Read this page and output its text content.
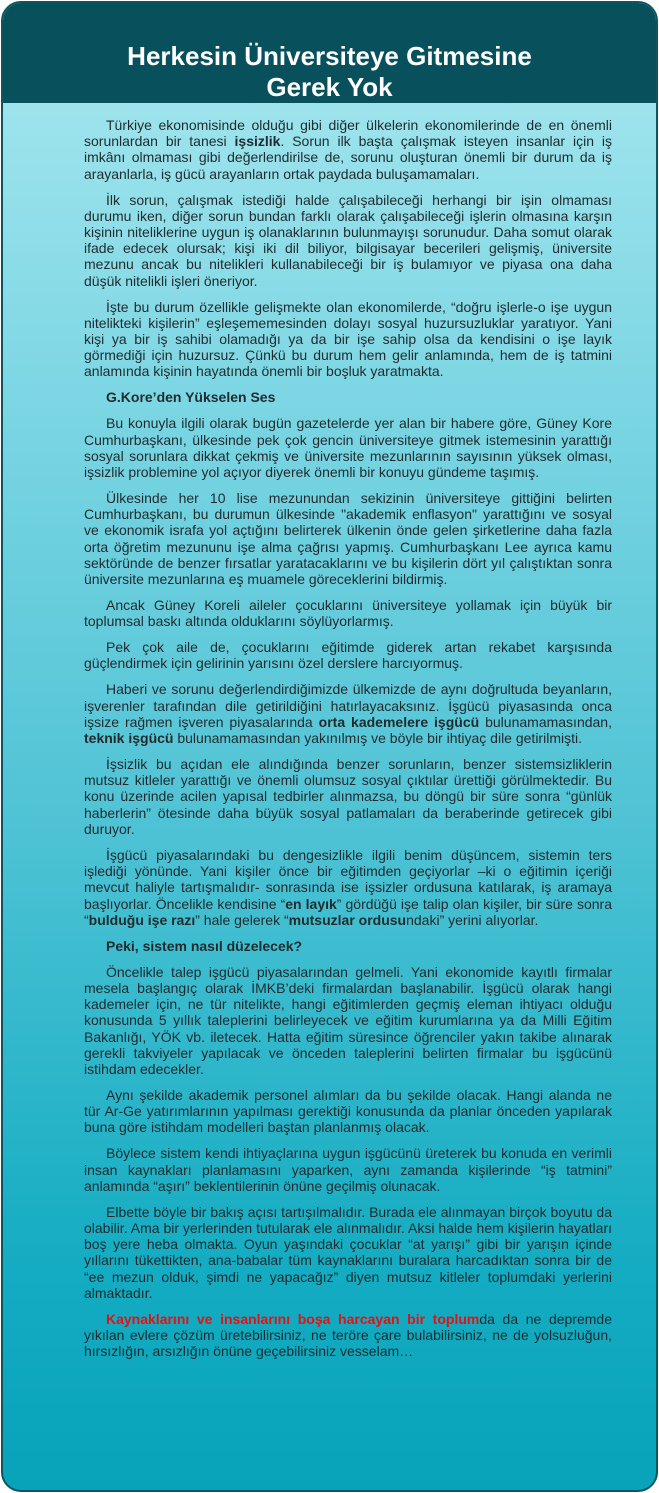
Herkesin Üniversiteye Gitmesine
Gerek Yok

Türkiye ekonomisinde olduğu gibi diğer ülkelerin ekonomilerinde de en önemli sorunlardan bir tanesi işsizlik. Sorun ilk başta çalışmak isteyen insanlar için iş imkânı olmaması gibi değerlendirilse de, sorunu oluşturan önemli bir durum da iş arayanlarla, iş gücü arayanların ortak paydada buluşamamaları.

İlk sorun, çalışmak istediği halde çalışabileceği herhangi bir işin olmaması durumu iken, diğer sorun bundan farklı olarak çalışabileceği işlerin olmasına karşın kişinin niteliklerine uygun iş olanaklarının bulunmayışı sorunudur. Daha somut olarak ifade edecek olursak; kişi iki dil biliyor, bilgisayar becerileri gelişmiş, üniversite mezunu ancak bu nitelikleri kullanabileceği bir iş bulamıyor ve piyasa ona daha düşük nitelikli işleri öneriyor.

İşte bu durum özellikle gelişmekte olan ekonomilerde, “doğru işlerle-o işe uygun nitelikteki kişilerin” eşleşememesinden dolayı sosyal huzursuzluklar yaratıyor. Yani kişi ya bir iş sahibi olamadığı ya da bir işe sahip olsa da kendisini o işe layık görmediği için huzursuz. Çünkü bu durum hem gelir anlamında, hem de iş tatmini anlamında kişinin hayatında önemli bir boşluk yaratmakta.

G.Kore’den Yükselen Ses

Bu konuyla ilgili olarak bugün gazetelerde yer alan bir habere göre, Güney Kore Cumhurbaşkanı, ülkesinde pek çok gencin üniversiteye gitmek istemesinin yarattığı sosyal sorunlara dikkat çekmiş ve üniversite mezunlarının sayısının yüksek olması, işsizlik problemine yol açıyor diyerek önemli bir konuyu gündeme taşımış.

Ülkesinde her 10 lise mezunundan sekizinin üniversiteye gittiğini belirten Cumhurbaşkanı, bu durumun ülkesinde "akademik enflasyon" yarattığını ve sosyal ve ekonomik israfa yol açtığını belirterek ülkenin önde gelen şirketlerine daha fazla orta öğretim mezununu işe alma çağrısı yapmış. Cumhurbaşkanı Lee ayrıca kamu sektöründe de benzer fırsatlar yaratacaklarını ve bu kişilerin dört yıl çalıştıktan sonra üniversite mezunlarına eş muamele göreceklerini bildirmiş.

Ancak Güney Koreli aileler çocuklarını üniversiteye yollamak için büyük bir toplumsal baskı altında olduklarını söylüyorlarmış.

Pek çok aile de, çocuklarını eğitimde giderek artan rekabet karşısında güçlendirmek için gelirinin yarısını özel derslere harcıyormuş.

Haberi ve sorunu değerlendirdiğimizde ülkemizde de aynı doğrultuda beyanların, işverenler tarafından dile getirildiğini hatırlayacaksınız. İşgücü piyasasında onca işsize rağmen işveren piyasalarında orta kademelere işgücü bulunamamasından, teknik işgücü bulunamamasından yakınılmış ve böyle bir ihtiyaç dile getirilmişti.

İşsizlik bu açıdan ele alındığında benzer sorunların, benzer sistemsizliklerin mutsuz kitleler yarattığı ve önemli olumsuz sosyal çıktılar ürettiği görülmektedir. Bu konu üzerinde acilen yapısal tedbirler alınmazsa, bu döngü bir süre sonra “günlük haberlerin” ötesinde daha büyük sosyal patlamaları da beraberinde getirecek gibi duruyor.

İşgücü piyasalarındaki bu dengesizlikle ilgili benim düşüncem, sistemin ters işlediği yönünde. Yani kişiler önce bir eğitimden geçiyorlar –ki o eğitimin içeriği mevcut haliyle tartışmalıdır- sonrasında ise işsizler ordusuna katılarak, iş aramaya başlıyorlar. Öncelikle kendisine “en layık” gördüğü işe talip olan kişiler, bir süre sonra “bulduğu işe razı” hale gelerek “mutsuzlar ordusundaki” yerini alıyorlar.

Peki, sistem nasıl düzelecek?

Öncelikle talep işgücü piyasalarından gelmeli. Yani ekonomide kayıtlı firmalar mesela başlangıç olarak İMKB’deki firmalardan başlanabilir. İşgücü olarak hangi kademeler için, ne tür nitelikte, hangi eğitimlerden geçmiş eleman ihtiyacı olduğu konusunda 5 yıllık taleplerini belirleyecek ve eğitim kurumlarına ya da Milli Eğitim Bakanlığı, YÖK vb. iletecek. Hatta eğitim süresince öğrenciler yakın takibe alınarak gerekli takviyeler yapılacak ve önceden taleplerini belirten firmalar bu işgücünü istihdam edecekler.

Aynı şekilde akademik personel alımları da bu şekilde olacak. Hangi alanda ne tür Ar-Ge yatırımlarının yapılması gerektiği konusunda da planlar önceden yapılarak buna göre istihdam modelleri baştan planlanmış olacak.

Böylece sistem kendi ihtiyaçlarına uygun işgücünü üreterek bu konuda en verimli insan kaynakları planlamasını yaparken, aynı zamanda kişilerinde “iş tatmini” anlamında “aşırı” beklentilerinin önüne geçilmiş olunacak.

Elbette böyle bir bakış açısı tartışılmalıdır. Burada ele alınmayan birçok boyutu da olabilir. Ama bir yerlerinden tutularak ele alınmalıdır. Aksi halde hem kişilerin hayatları boş yere heba olmakta. Oyun yaşındaki çocuklar “at yarışı” gibi bir yarışın içinde yıllarını tükettikten, ana-babalar tüm kaynaklarını buralara harcadıktan sonra bir de “ee mezun olduk, şimdi ne yapacağız” diyen mutsuz kitleler toplumdaki yerlerini almaktadır.

Kaynaklarını ve insanlarını boşa harcayan bir toplumda da ne depremde yıkılan evlere çözüm üretebilirsiniz, ne teröre çare bulabilirsiniz, ne de yolsuzluğun, hırsızlığın, arsızlığın önüne geçebilirsiniz vesselam…
